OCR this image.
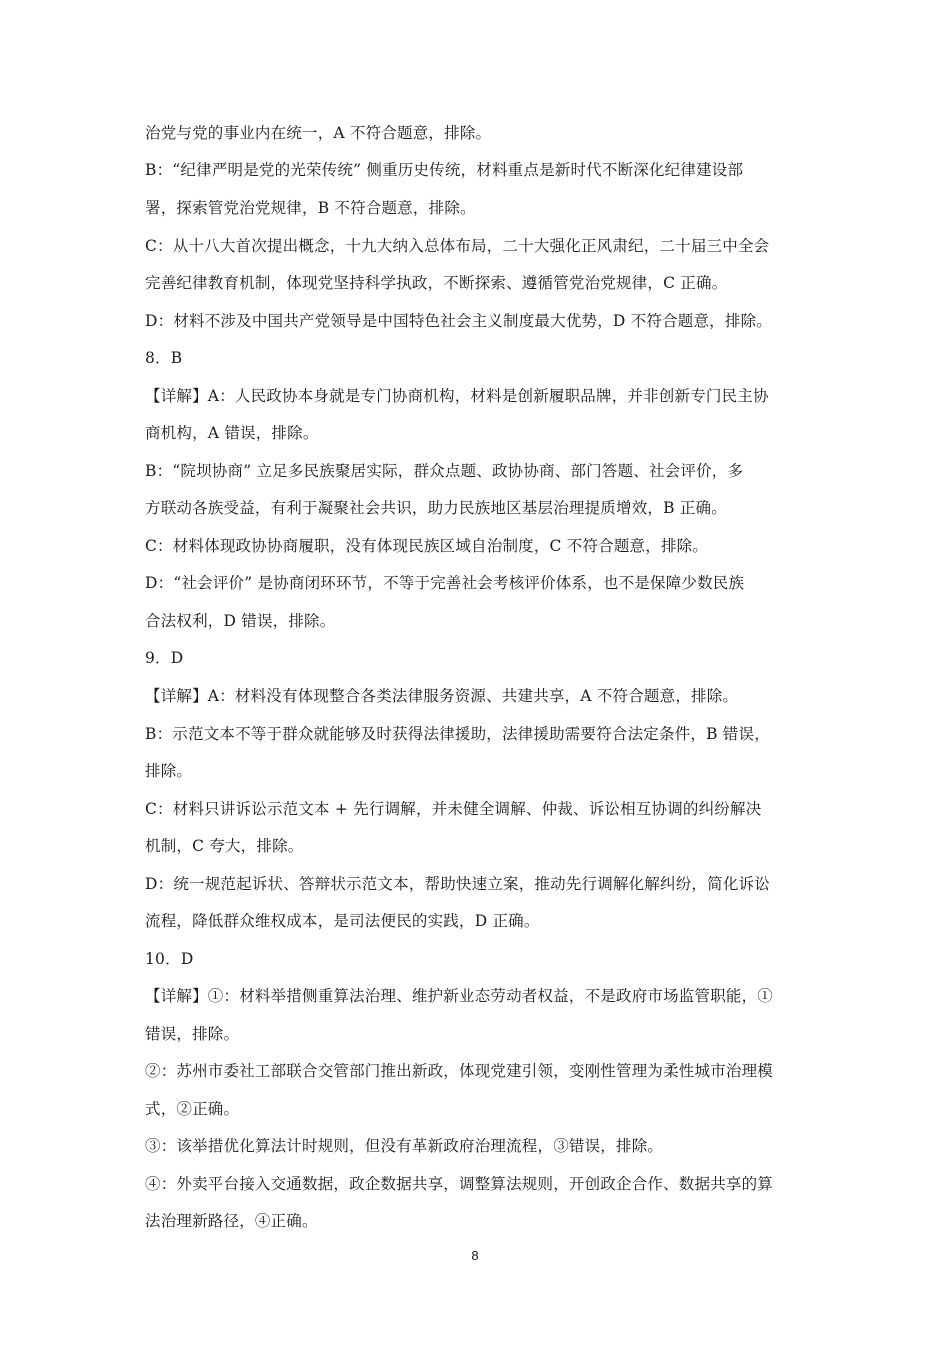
治党与党的事业内在统一，A 不符合题意，排除。
B：“纪律严明是党的光荣传统” 侧重历史传统，材料重点是新时代不断深化纪律建设部
署，探索管党治党规律，B 不符合题意，排除。
C：从十八大首次提出概念，十九大纳入总体布局，二十大强化正风肃纪，二十届三中全会
完善纪律教育机制，体现党坚持科学执政，不断探索、遵循管党治党规律，C 正确。
D：材料不涉及中国共产党领导是中国特色社会主义制度最大优势，D 不符合题意，排除。
8．B
【详解】A：人民政协本身就是专门协商机构，材料是创新履职品牌，并非创新专门民主协
商机构，A 错误，排除。
B：“院坝协商” 立足多民族聚居实际，群众点题、政协协商、部门答题、社会评价，多
方联动各族受益，有利于凝聚社会共识，助力民族地区基层治理提质增效，B 正确。
C：材料体现政协协商履职，没有体现民族区域自治制度，C 不符合题意，排除。
D：“社会评价” 是协商闭环环节，不等于完善社会考核评价体系，也不是保障少数民族
合法权利，D 错误，排除。
9．D
【详解】A：材料没有体现整合各类法律服务资源、共建共享，A 不符合题意，排除。
B：示范文本不等于群众就能够及时获得法律援助，法律援助需要符合法定条件，B 错误，
排除。
C：材料只讲诉讼示范文本 + 先行调解，并未健全调解、仲裁、诉讼相互协调的纠纷解决
机制，C 夸大，排除。
D：统一规范起诉状、答辩状示范文本，帮助快速立案，推动先行调解化解纠纷，简化诉讼
流程，降低群众维权成本，是司法便民的实践，D 正确。
10．D
【详解】①：材料举措侧重算法治理、维护新业态劳动者权益，不是政府市场监管职能，①
错误，排除。
②：苏州市委社工部联合交管部门推出新政，体现党建引领，变刚性管理为柔性城市治理模
式，②正确。
③：该举措优化算法计时规则，但没有革新政府治理流程，③错误，排除。
④：外卖平台接入交通数据，政企数据共享，调整算法规则，开创政企合作、数据共享的算
法治理新路径，④正确。
8
